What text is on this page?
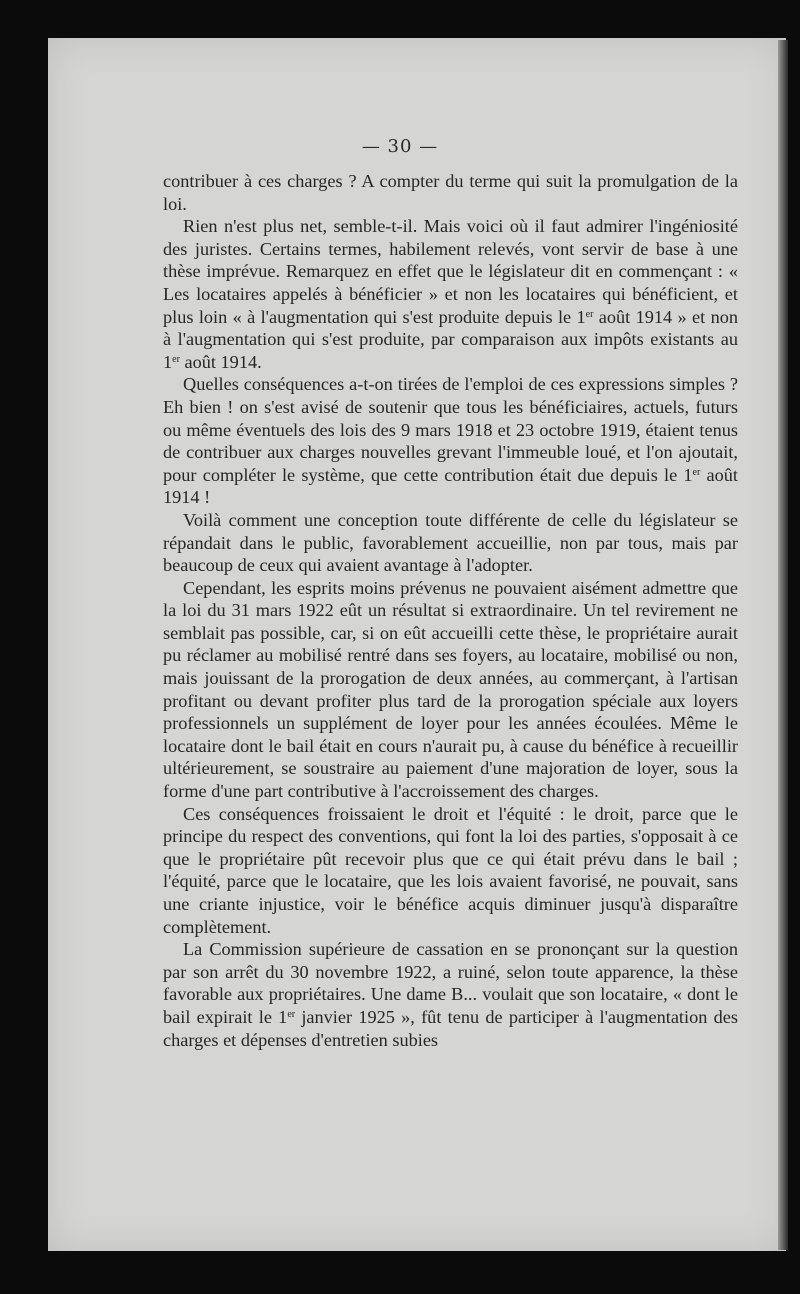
— 30 —

contribuer à ces charges ? A compter du terme qui suit la promulgation de la loi.

Rien n'est plus net, semble-t-il. Mais voici où il faut admirer l'ingéniosité des juristes. Certains termes, habilement relevés, vont servir de base à une thèse imprévue. Remarquez en effet que le législateur dit en commençant : « Les locataires appelés à bénéficier » et non les locataires qui bénéficient, et plus loin « à l'augmentation qui s'est produite depuis le 1er août 1914 » et non à l'augmentation qui s'est produite, par comparaison aux impôts existants au 1er août 1914.

Quelles conséquences a-t-on tirées de l'emploi de ces expressions simples ? Eh bien ! on s'est avisé de soutenir que tous les bénéficiaires, actuels, futurs ou même éventuels des lois des 9 mars 1918 et 23 octobre 1919, étaient tenus de contribuer aux charges nouvelles grevant l'immeuble loué, et l'on ajoutait, pour compléter le système, que cette contribution était due depuis le 1er août 1914 !

Voilà comment une conception toute différente de celle du législateur se répandait dans le public, favorablement accueillie, non par tous, mais par beaucoup de ceux qui avaient avantage à l'adopter.

Cependant, les esprits moins prévenus ne pouvaient aisément admettre que la loi du 31 mars 1922 eût un résultat si extraordinaire. Un tel revirement ne semblait pas possible, car, si on eût accueilli cette thèse, le propriétaire aurait pu réclamer au mobilisé rentré dans ses foyers, au locataire, mobilisé ou non, mais jouissant de la prorogation de deux années, au commerçant, à l'artisan profitant ou devant profiter plus tard de la prorogation spéciale aux loyers professionnels un supplément de loyer pour les années écoulées. Même le locataire dont le bail était en cours n'aurait pu, à cause du bénéfice à recueillir ultérieurement, se soustraire au paiement d'une majoration de loyer, sous la forme d'une part contributive à l'accroissement des charges.

Ces conséquences froissaient le droit et l'équité : le droit, parce que le principe du respect des conventions, qui font la loi des parties, s'opposait à ce que le propriétaire pût recevoir plus que ce qui était prévu dans le bail ; l'équité, parce que le locataire, que les lois avaient favorisé, ne pouvait, sans une criante injustice, voir le bénéfice acquis diminuer jusqu'à disparaître complètement.

La Commission supérieure de cassation en se prononçant sur la question par son arrêt du 30 novembre 1922, a ruiné, selon toute apparence, la thèse favorable aux propriétaires. Une dame B... voulait que son locataire, « dont le bail expirait le 1er janvier 1925 », fût tenu de participer à l'augmentation des charges et dépenses d'entretien subies
